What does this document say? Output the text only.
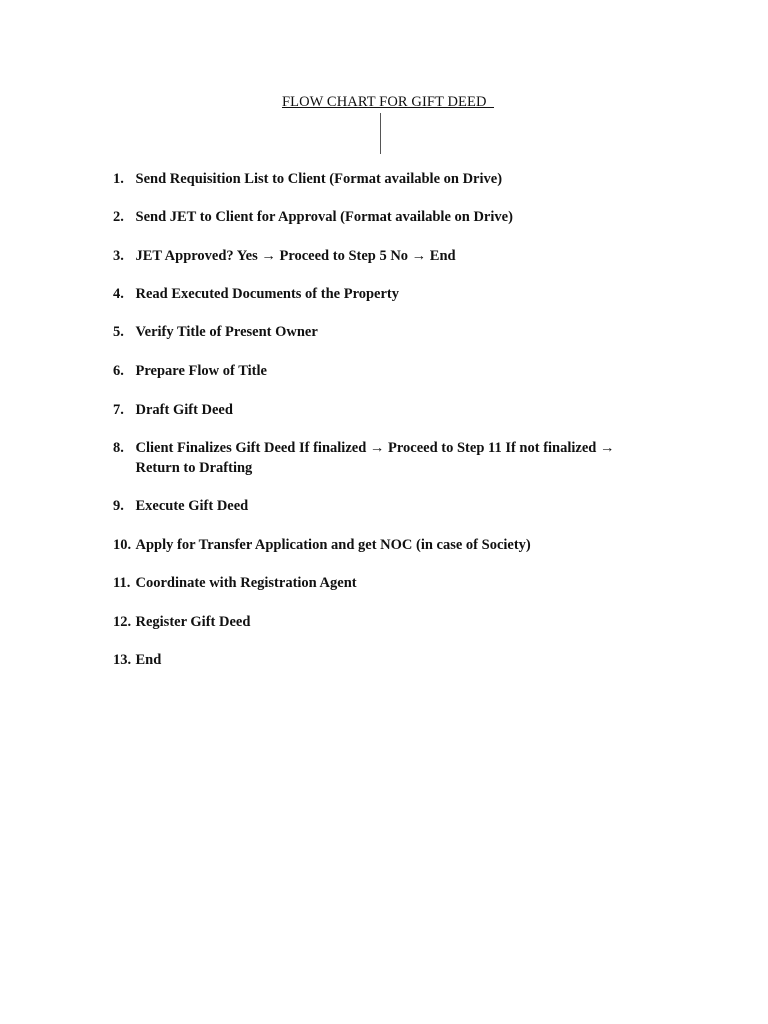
FLOW CHART FOR GIFT DEED
1. Send Requisition List to Client (Format available on Drive)
2. Send JET to Client for Approval (Format available on Drive)
3. JET Approved? Yes → Proceed to Step 5 No → End
4. Read Executed Documents of the Property
5. Verify Title of Present Owner
6. Prepare Flow of Title
7. Draft Gift Deed
8. Client Finalizes Gift Deed If finalized → Proceed to Step 11 If not finalized → Return to Drafting
9. Execute Gift Deed
10. Apply for Transfer Application and get NOC (in case of Society)
11. Coordinate with Registration Agent
12. Register Gift Deed
13. End
